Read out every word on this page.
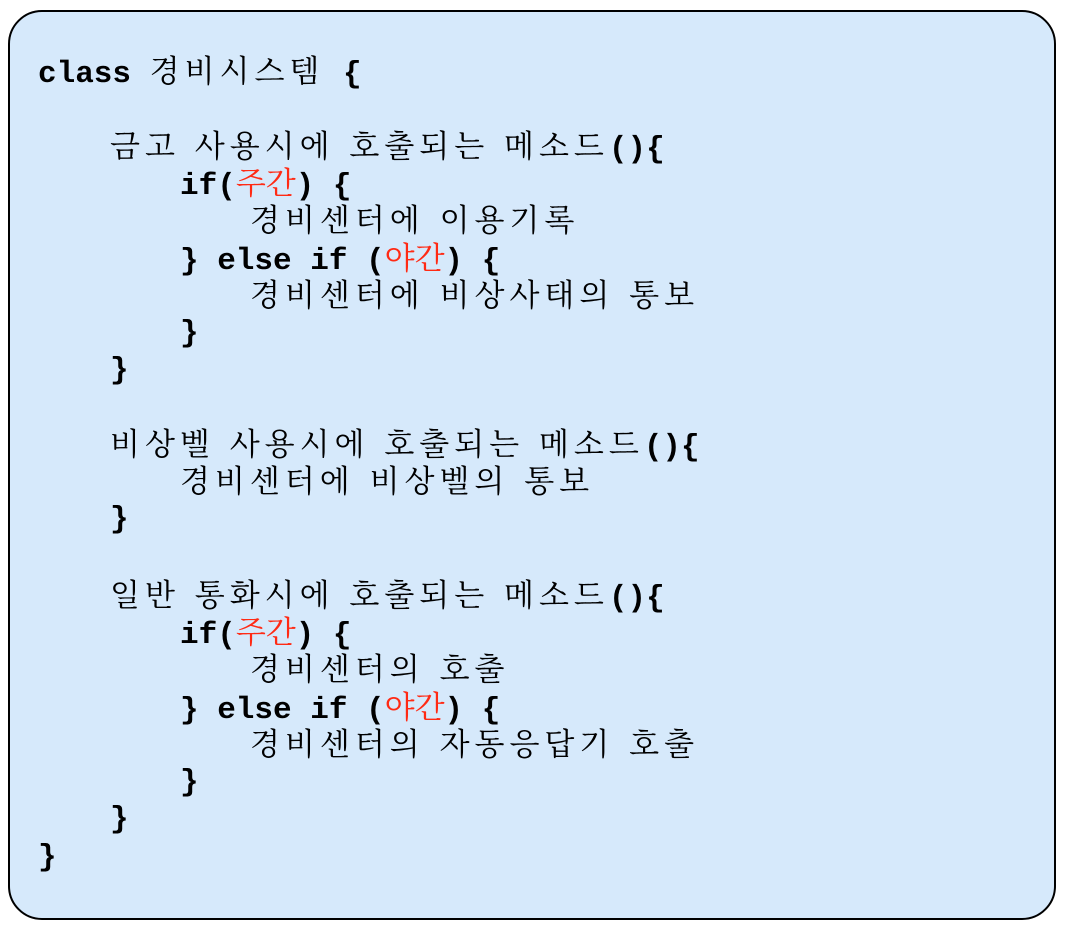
class 경비시스템 {
금고 사용시에 호출되는 메소드(){
if(주간) {
경비센터에 이용기록
} else if (야간) {
경비센터에 비상사태의 통보
}
}
비상벨 사용시에 호출되는 메소드(){
경비센터에 비상벨의 통보
}
일반 통화시에 호출되는 메소드(){
if(주간) {
경비센터의 호출
} else if (야간) {
경비센터의 자동응답기 호출
}
}
}
